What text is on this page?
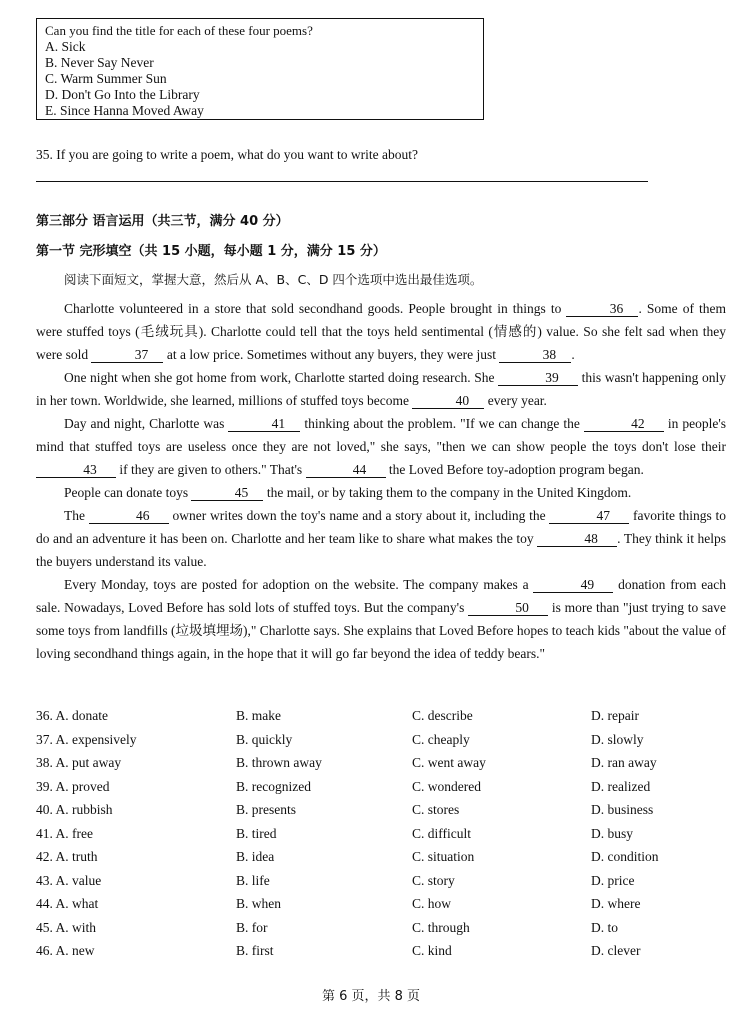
Can you find the title for each of these four poems?
A. Sick
B. Never Say Never
C. Warm Summer Sun
D. Don't Go Into the Library
E. Since Hanna Moved Away
35. If you are going to write a poem, what do you want to write about?
第三部分 语言运用（共三节，满分 40 分）
第一节 完形填空（共 15 小题，每小题 1 分，满分 15 分）
阅读下面短文，掌握大意，然后从 A、B、C、D 四个选项中选出最佳选项。

Charlotte volunteered in a store that sold secondhand goods. People brought in things to	36 . Some of them were stuffed toys (毛绒玩具). Charlotte could tell that the toys held sentimental (情感的) value. So she felt sad when they were sold	37 at a low price. Sometimes without any buyers, they were just	38 .

One night when she got home from work, Charlotte started doing research. She	39 this wasn't happening only in her town. Worldwide, she learned, millions of stuffed toys become	40 every year.

Day and night, Charlotte was	41 thinking about the problem. "If we can change the	42 in people's mind that stuffed toys are useless once they are not loved," she says, "then we can show people the toys don't lose their 43 if they are given to others." That's	44 the Loved Before toy-adoption program began.

People can donate toys	45 the mail, or by taking them to the company in the United Kingdom.

The	46 owner writes down the toy's name and a story about it, including the	47 favorite things to do and an adventure it has been on. Charlotte and her team like to share what makes the toy	48 . They think it helps the buyers understand its value.

Every Monday, toys are posted for adoption on the website. The company makes a	49 donation from each sale. Nowadays, Loved Before has sold lots of stuffed toys. But the company's	50 is more than "just trying to save some toys from landfills (垃圾填埋场)," Charlotte says. She explains that Loved Before hopes to teach kids "about the value of loving secondhand things again, in the hope that it will go far beyond the idea of teddy bears."

36. A. donate	B. make	C. describe	D. repair
37. A. expensively	B. quickly	C. cheaply	D. slowly
38. A. put away	B. thrown away	C. went away	D. ran away
39. A. proved	B. recognized	C. wondered	D. realized
40. A. rubbish	B. presents	C. stores	D. business
41. A. free	B. tired	C. difficult	D. busy
42. A. truth	B. idea	C. situation	D. condition
43. A. value	B. life	C. story	D. price
44. A. what	B. when	C. how	D. where
45. A. with	B. for	C. through	D. to
46. A. new	B. first	C. kind	D. clever
第 6 页，共 8 页
